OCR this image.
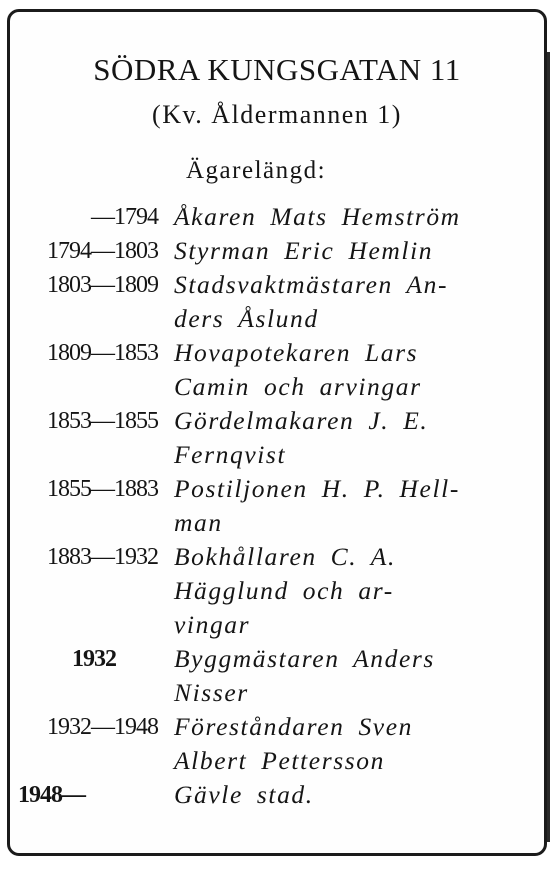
SÖDRA KUNGSGATAN 11
(Kv. Åldermannen 1)
Ägarelängd:
—1794 Åkaren Mats Hemström
1794—1803 Styrman Eric Hemlin
1803—1809 Stadsvaktmästaren An-
ders Åslund
1809—1853 Hovapotekaren Lars
Camin och arvingar
1853—1855 Gördelmakaren J. E.
Fernqvist
1855—1883 Postiljonen H. P. Hell-
man
1883—1932 Bokhållaren C. A.
Hägglund och ar-
vingar
1932	Byggmästaren Anders
Nisser
1932—1948 Föreståndaren Sven
Albert Pettersson
1948—	Gävle stad.
